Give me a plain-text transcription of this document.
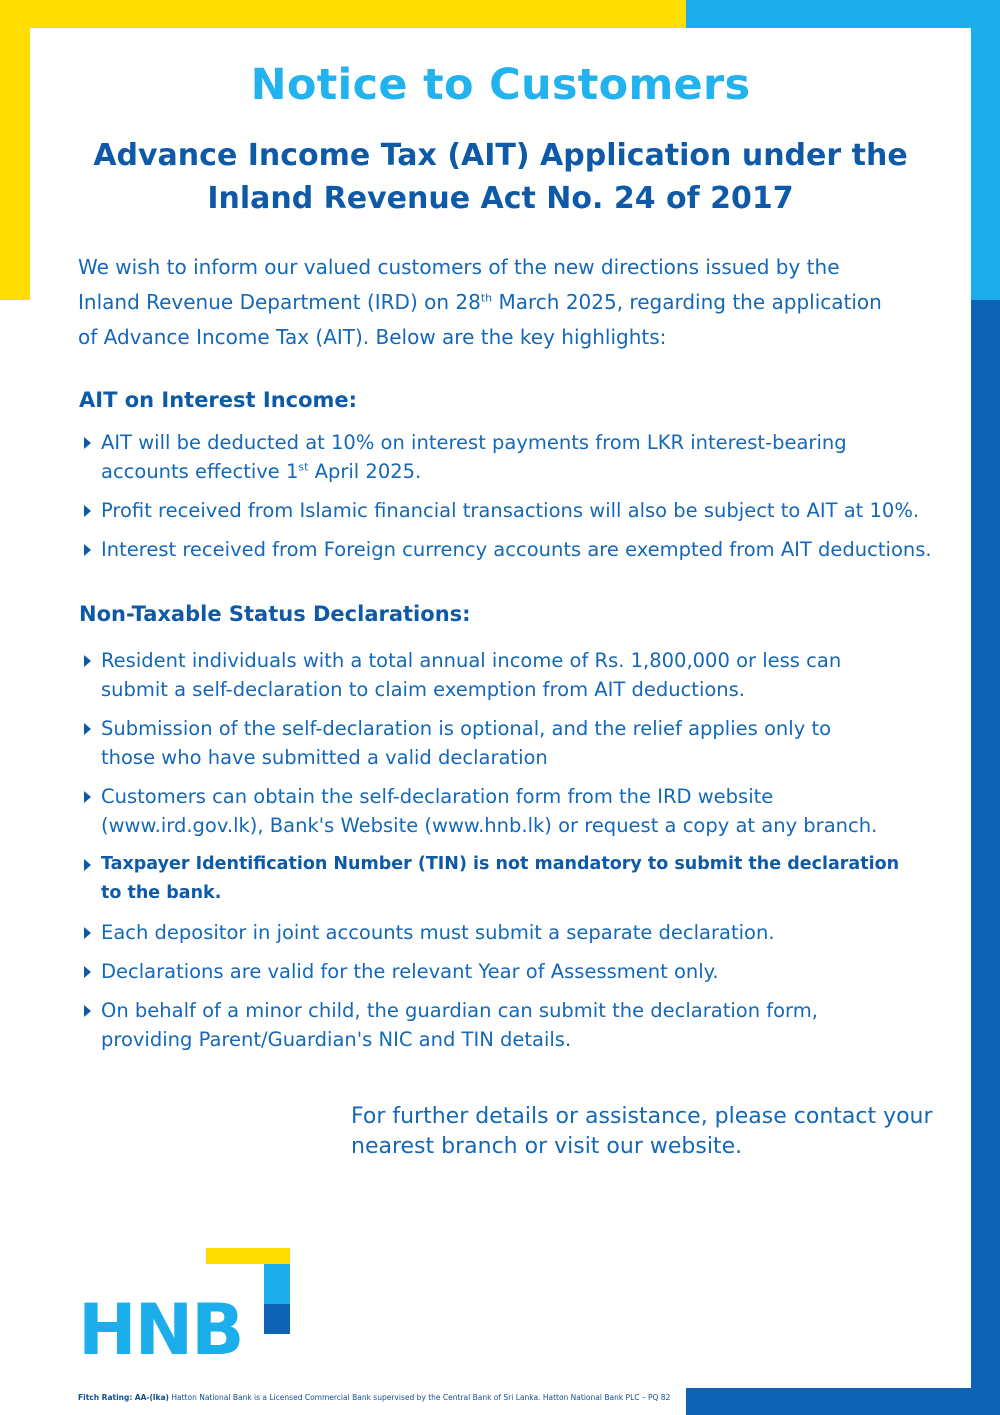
Notice to Customers
Advance Income Tax (AIT) Application under the
Inland Revenue Act No. 24 of 2017

We wish to inform our valued customers of the new directions issued by the
Inland Revenue Department (IRD) on 28th March 2025, regarding the application
of Advance Income Tax (AIT). Below are the key highlights:

AIT on Interest Income:
AIT will be deducted at 10% on interest payments from LKR interest-bearing
accounts effective 1st April 2025.
Profit received from Islamic financial transactions will also be subject to AIT at 10%.
Interest received from Foreign currency accounts are exempted from AIT deductions.
Non-Taxable Status Declarations:
Resident individuals with a total annual income of Rs. 1,800,000 or less can
submit a self-declaration to claim exemption from AIT deductions.
Submission of the self-declaration is optional, and the relief applies only to
those who have submitted a valid declaration
Customers can obtain the self-declaration form from the IRD website
(www.ird.gov.lk), Bank's Website (www.hnb.lk) or request a copy at any branch.
Taxpayer Identification Number (TIN) is not mandatory to submit the declaration
to the bank.
Each depositor in joint accounts must submit a separate declaration.
Declarations are valid for the relevant Year of Assessment only.
On behalf of a minor child, the guardian can submit the declaration form,
providing Parent/Guardian's NIC and TIN details.

For further details or assistance, please contact your
nearest branch or visit our website.

HNB

Fitch Rating: AA-(lka) Hatton National Bank is a Licensed Commercial Bank supervised by the Central Bank of Sri Lanka. Hatton National Bank PLC – PQ 82
